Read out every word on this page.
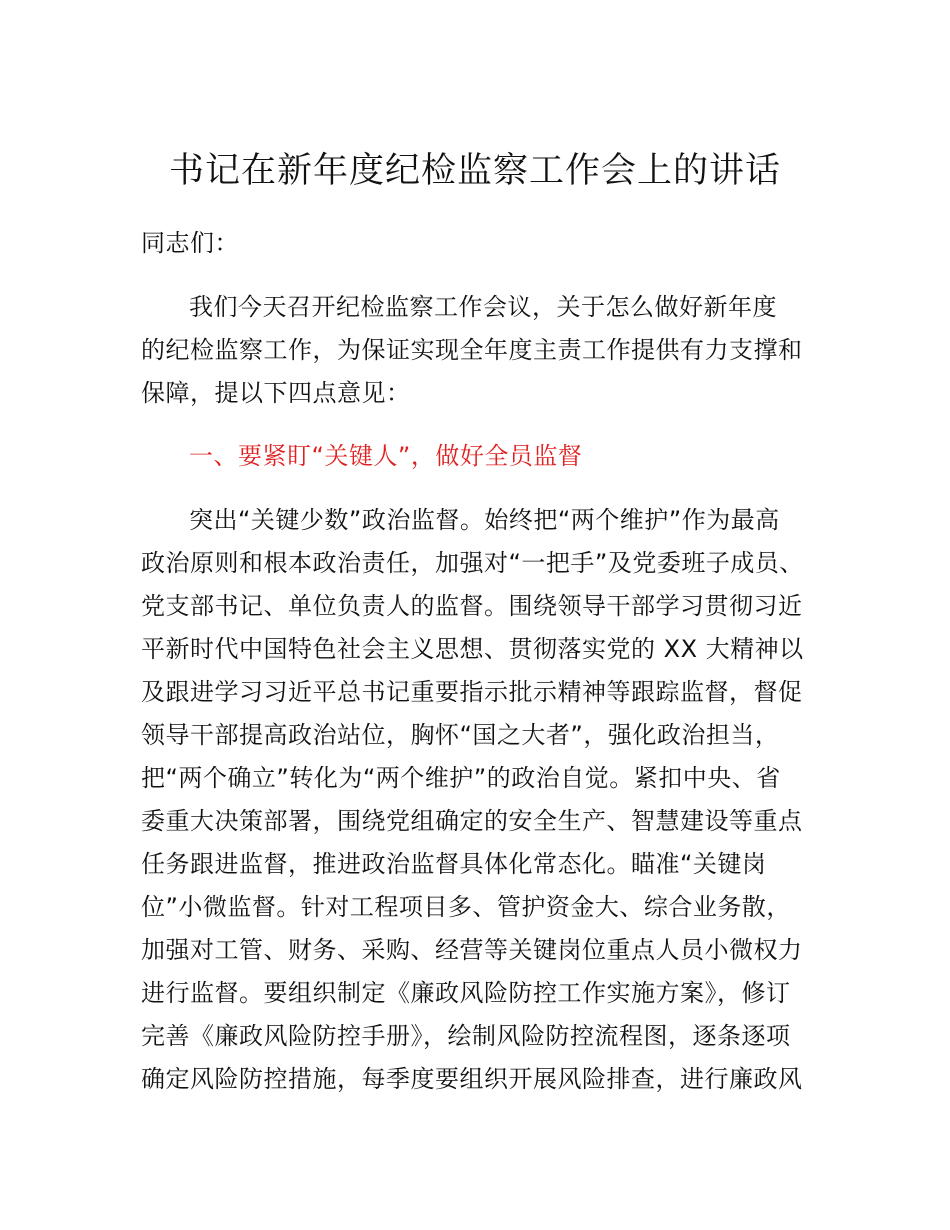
书记在新年度纪检监察工作会上的讲话
同志们：
我们今天召开纪检监察工作会议，关于怎么做好新年度
的纪检监察工作，为保证实现全年度主责工作提供有力支撑和
保障，提以下四点意见：
一、要紧盯“关键人”，做好全员监督
突出“关键少数”政治监督。始终把“两个维护”作为最高
政治原则和根本政治责任，加强对“一把手”及党委班子成员、
党支部书记、单位负责人的监督。围绕领导干部学习贯彻习近
平新时代中国特色社会主义思想、贯彻落实党的 XX 大精神以
及跟进学习习近平总书记重要指示批示精神等跟踪监督，督促
领导干部提高政治站位，胸怀“国之大者”，强化政治担当，
把“两个确立”转化为“两个维护”的政治自觉。紧扣中央、省
委重大决策部署，围绕党组确定的安全生产、智慧建设等重点
任务跟进监督，推进政治监督具体化常态化。瞄准“关键岗
位”小微监督。针对工程项目多、管护资金大、综合业务散，
加强对工管、财务、采购、经营等关键岗位重点人员小微权力
进行监督。要组织制定《廉政风险防控工作实施方案》，修订
完善《廉政风险防控手册》，绘制风险防控流程图，逐条逐项
确定风险防控措施，每季度要组织开展风险排查，进行廉政风
